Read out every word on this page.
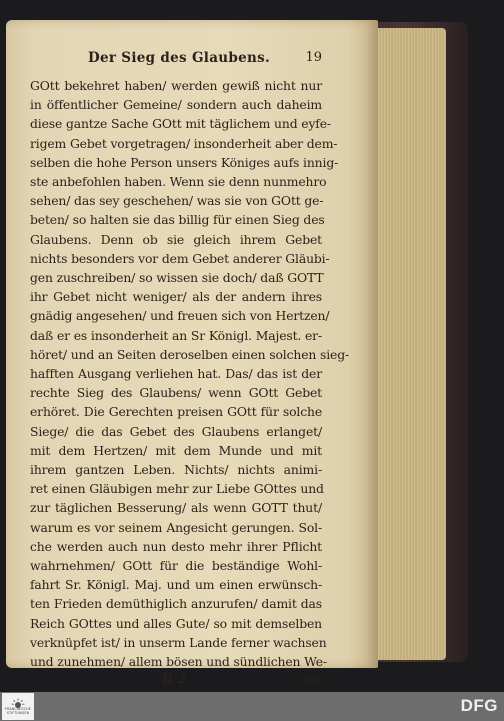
Der Sieg des Glaubens.	19
GOtt bekehret haben/ werden gewiß nicht nur
in öffentlicher Gemeine/ sondern auch daheim
diese gantze Sache GOtt mit täglichem und eyfe-
rigem Gebet vorgetragen/ insonderheit aber dem-
selben die hohe Person unsers Königes aufs innig-
ste anbefohlen haben. Wenn sie denn nunmehro
sehen/ das sey geschehen/ was sie von GOtt ge-
beten/ so halten sie das billig für einen Sieg des
Glaubens. Denn ob sie gleich ihrem Gebet
nichts besonders vor dem Gebet anderer Gläubi-
gen zuschreiben/ so wissen sie doch/ daß GOTT
ihr Gebet nicht weniger/ als der andern ihres
gnädig angesehen/ und freuen sich von Hertzen/
daß er es insonderheit an Sr Königl. Majest. er-
höret/ und an Seiten deroselben einen solchen sieg-
hafften Ausgang verliehen hat. Das/ das ist der
rechte Sieg des Glaubens/ wenn GOtt Gebet
erhöret. Die Gerechten preisen GOtt für solche
Siege/ die das Gebet des Glaubens erlanget/
mit dem Hertzen/ mit dem Munde und mit
ihrem gantzen Leben. Nichts/ nichts animi-
ret einen Gläubigen mehr zur Liebe GOttes und
zur täglichen Besserung/ als wenn GOTT thut/
warum es vor seinem Angesicht gerungen. Sol-
che werden auch nun desto mehr ihrer Pflicht
wahrnehmen/ GOtt für die beständige Wohl-
fahrt Sr. Königl. Maj. und um einen erwünsch-
ten Frieden demüthiglich anzurufen/ damit das
Reich GOttes und alles Gute/ so mit demselben
verknüpfet ist/ in unserm Lande ferner wachsen
und zunehmen/ allem bösen und sündlichen We-
B 2	sen
FRANCKESCHE
STIFTUNGEN	DFG
